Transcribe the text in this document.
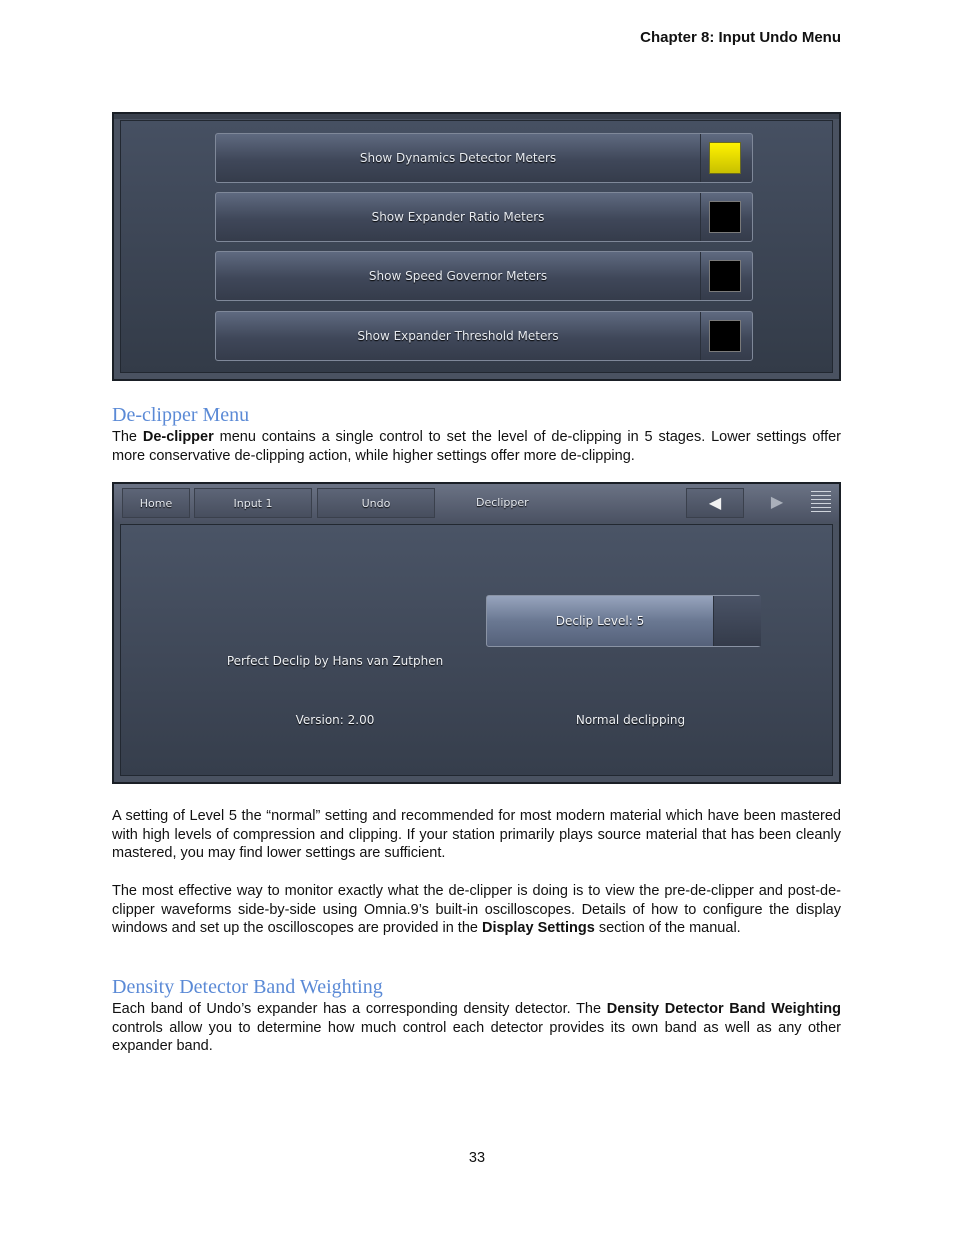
Chapter 8: Input Undo Menu
Show Dynamics Detector Meters
Show Expander Ratio Meters
Show Speed Governor Meters
Show Expander Threshold Meters
De-clipper Menu

The De-clipper menu contains a single control to set the level of de-clipping in 5 stages. Lower settings offer more conservative de-clipping action, while higher settings offer more de-clipping.

Home	Input 1	Undo	Declipper	◀	▶
Perfect Declip by Hans van Zutphen
Version: 2.00	Normal declipping
Declip Level: 5

A setting of Level 5 the “normal” setting and recommended for most modern material which have been mastered with high levels of compression and clipping. If your station primarily plays source material that has been cleanly mastered, you may find lower settings are sufficient.

The most effective way to monitor exactly what the de-clipper is doing is to view the pre-de-clipper and post-de-clipper waveforms side-by-side using Omnia.9’s built-in oscilloscopes. Details of how to configure the display windows and set up the oscilloscopes are provided in the Display Settings section of the manual.

Density Detector Band Weighting

Each band of Undo’s expander has a corresponding density detector. The Density Detector Band Weighting controls allow you to determine how much control each detector provides its own band as well as any other expander band.

33
